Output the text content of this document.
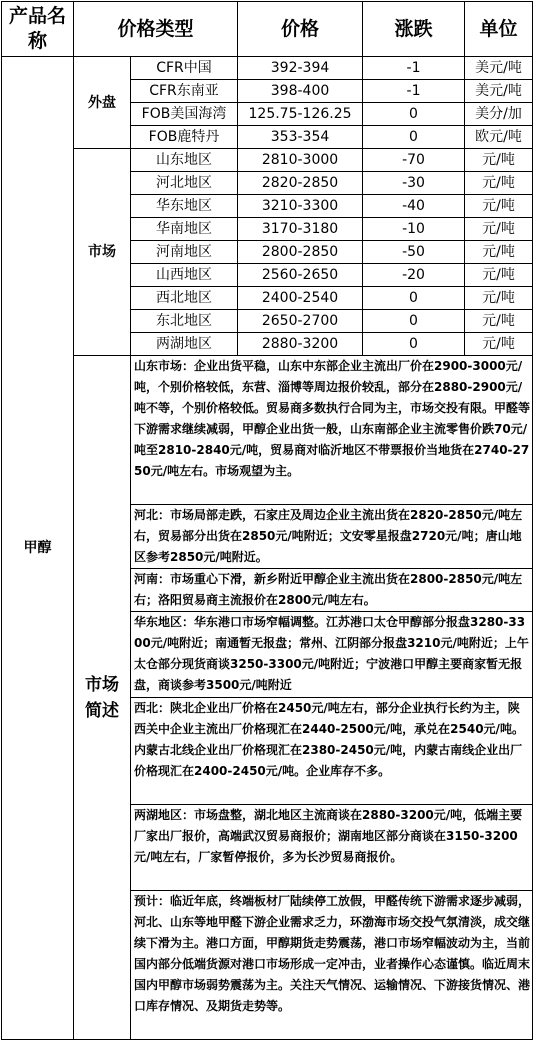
产品名称	价格类型		价格	涨跌	单位
甲醇	外盘	CFR中国	392-394	-1	美元/吨
		CFR东南亚	398-400	-1	美元/吨
		FOB美国海湾	125.75-126.25	0	美分/加
		FOB鹿特丹	353-354	0	欧元/吨
	市场	山东地区	2810-3000	-70	元/吨
		河北地区	2820-2850	-30	元/吨
		华东地区	3210-3300	-40	元/吨
		华南地区	3170-3180	-10	元/吨
		河南地区	2800-2850	-50	元/吨
		山西地区	2560-2650	-20	元/吨
		西北地区	2400-2540	0	元/吨
		东北地区	2650-2700	0	元/吨
		两湖地区	2880-3200	0	元/吨
	市场简述	山东市场：企业出货平稳，山东中东部企业主流出厂价在2900-3000元/吨，个别价格较低，东营、淄博等周边报价较乱，部分在2880-2900元/吨不等，个别价格较低。贸易商多数执行合同为主，市场交投有限。甲醛等下游需求继续减弱，甲醇企业出货一般，山东南部企业主流零售价跌70元/吨至2810-2840元/吨，贸易商对临沂地区不带票报价当地货在2740-2750元/吨左右。市场观望为主。			

		河北：市场局部走跌，石家庄及周边企业主流出货在2820-2850元/吨左右，贸易部分出货在2850元/吨附近；文安零星报盘2720元/吨；唐山地区参考2850元/吨附近。			

		河南：市场重心下滑，新乡附近甲醇企业主流出货在2800-2850元/吨左右；洛阳贸易商主流报价在2800元/吨左右。			

		华东地区：华东港口市场窄幅调整。江苏港口太仓甲醇部分报盘3280-3300元/吨附近；南通暂无报盘；常州、江阴部分报盘3210元/吨附近；上午太仓部分现货商谈3250-3300元/吨附近；宁波港口甲醇主要商家暂无报盘，商谈参考3500元/吨附近			

		西北：陕北企业出厂价格在2450元/吨左右，部分企业执行长约为主，陕西关中企业主流出厂价格现汇在2440-2500元/吨，承兑在2540元/吨。内蒙古北线企业出厂价格现汇在2380-2450元/吨，内蒙古南线企业出厂价格现汇在2400-2450元/吨。企业库存不多。			

		两湖地区：市场盘整，湖北地区主流商谈在2880-3200元/吨，低端主要厂家出厂报价，高端武汉贸易商报价；湖南地区部分商谈在3150-3200元/吨左右，厂家暂停报价，多为长沙贸易商报价。			

		预计：临近年底，终端板材厂陆续停工放假，甲醛传统下游需求逐步减弱，河北、山东等地甲醛下游企业需求乏力，环渤海市场交投气氛清淡，成交继续下滑为主。港口方面，甲醇期货走势震荡，港口市场窄幅波动为主，当前国内部分低端货源对港口市场形成一定冲击，业者操作心态谨慎。临近周末国内甲醇市场弱势震荡为主。关注天气情况、运输情况、下游接货情况、港口库存情况、及期货走势等。			
